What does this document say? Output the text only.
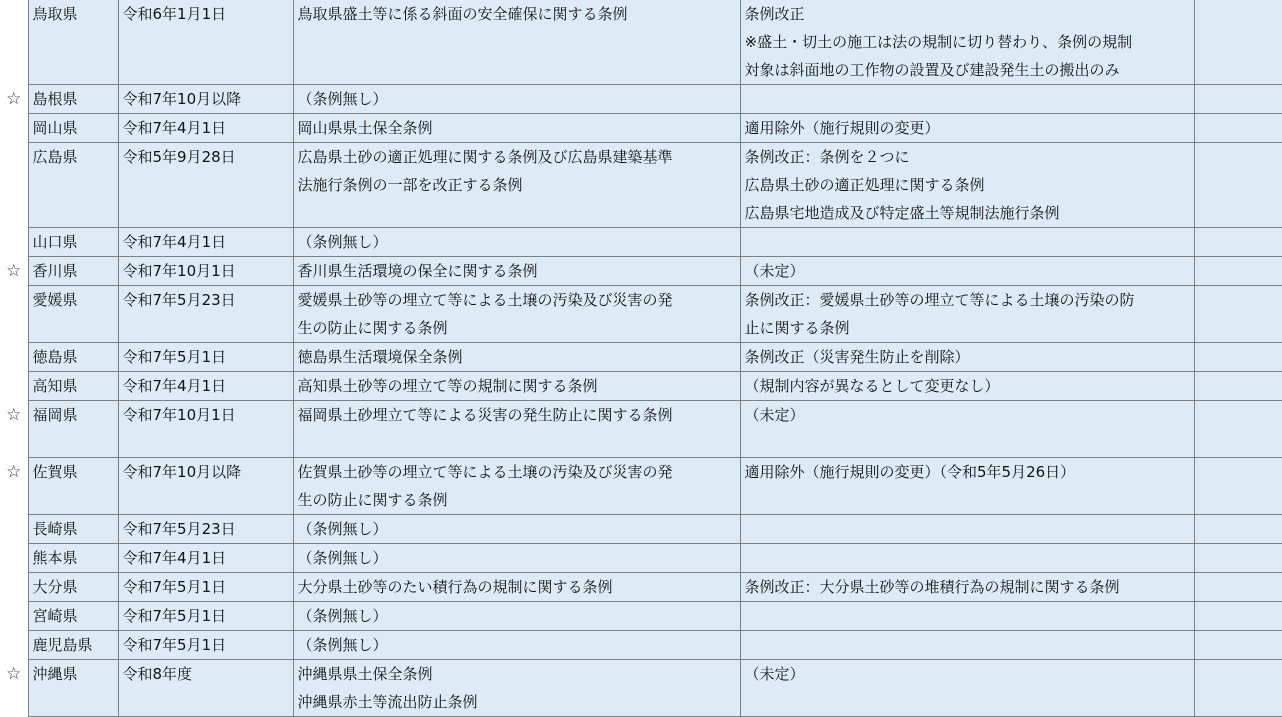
	鳥取県	令和6年1月1日	鳥取県盛土等に係る斜面の安全確保に関する条例	条例改正
※盛土・切土の施工は法の規制に切り替わり、条例の規制
対象は斜面地の工作物の設置及び建設発生土の搬出のみ	

☆	島根県	令和7年10月以降	（条例無し）		

	岡山県	令和7年4月1日	岡山県県土保全条例	適用除外（施行規則の変更）	

	広島県	令和5年9月28日	広島県土砂の適正処理に関する条例及び広島県建築基準
法施行条例の一部を改正する条例	条例改正：条例を２つに
広島県土砂の適正処理に関する条例
広島県宅地造成及び特定盛土等規制法施行条例	

	山口県	令和7年4月1日	（条例無し）		

☆	香川県	令和7年10月1日	香川県生活環境の保全に関する条例	（未定）	

	愛媛県	令和7年5月23日	愛媛県土砂等の埋立て等による土壌の汚染及び災害の発
生の防止に関する条例	条例改正：愛媛県土砂等の埋立て等による土壌の汚染の防
止に関する条例	

	徳島県	令和7年5月1日	徳島県生活環境保全条例	条例改正（災害発生防止を削除）	

	高知県	令和7年4月1日	高知県土砂等の埋立て等の規制に関する条例	（規制内容が異なるとして変更なし）	

☆	福岡県	令和7年10月1日	福岡県土砂埋立て等による災害の発生防止に関する条例	（未定）	

☆	佐賀県	令和7年10月以降	佐賀県土砂等の埋立て等による土壌の汚染及び災害の発
生の防止に関する条例	適用除外（施行規則の変更）（令和5年5月26日）	

	長崎県	令和7年5月23日	（条例無し）		

	熊本県	令和7年4月1日	（条例無し）		

	大分県	令和7年5月1日	大分県土砂等のたい積行為の規制に関する条例	条例改正：大分県土砂等の堆積行為の規制に関する条例	

	宮崎県	令和7年5月1日	（条例無し）		

	鹿児島県	令和7年5月1日	（条例無し）		

☆	沖縄県	令和8年度	沖縄県県土保全条例
沖縄県赤土等流出防止条例	（未定）	
